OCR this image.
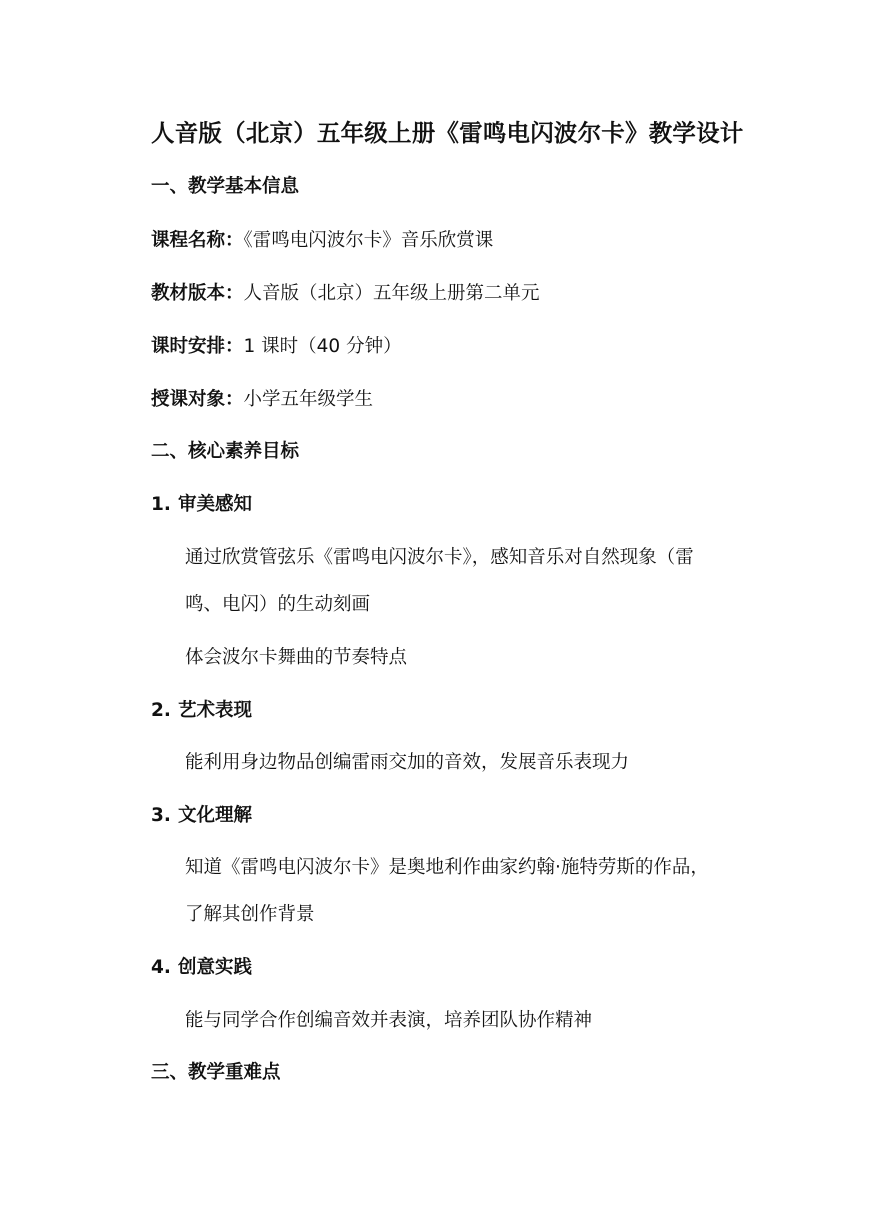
人音版（北京）五年级上册《雷鸣电闪波尔卡》教学设计
一、教学基本信息
课程名称：《雷鸣电闪波尔卡》音乐欣赏课
教材版本：人音版（北京）五年级上册第二单元
课时安排：1 课时（40 分钟）
授课对象：小学五年级学生
二、核心素养目标
1. 审美感知
通过欣赏管弦乐《雷鸣电闪波尔卡》，感知音乐对自然现象（雷
鸣、电闪）的生动刻画
体会波尔卡舞曲的节奏特点
2. 艺术表现
能利用身边物品创编雷雨交加的音效，发展音乐表现力
3. 文化理解
知道《雷鸣电闪波尔卡》是奥地利作曲家约翰·施特劳斯的作品，
了解其创作背景
4. 创意实践
能与同学合作创编音效并表演，培养团队协作精神
三、教学重难点
